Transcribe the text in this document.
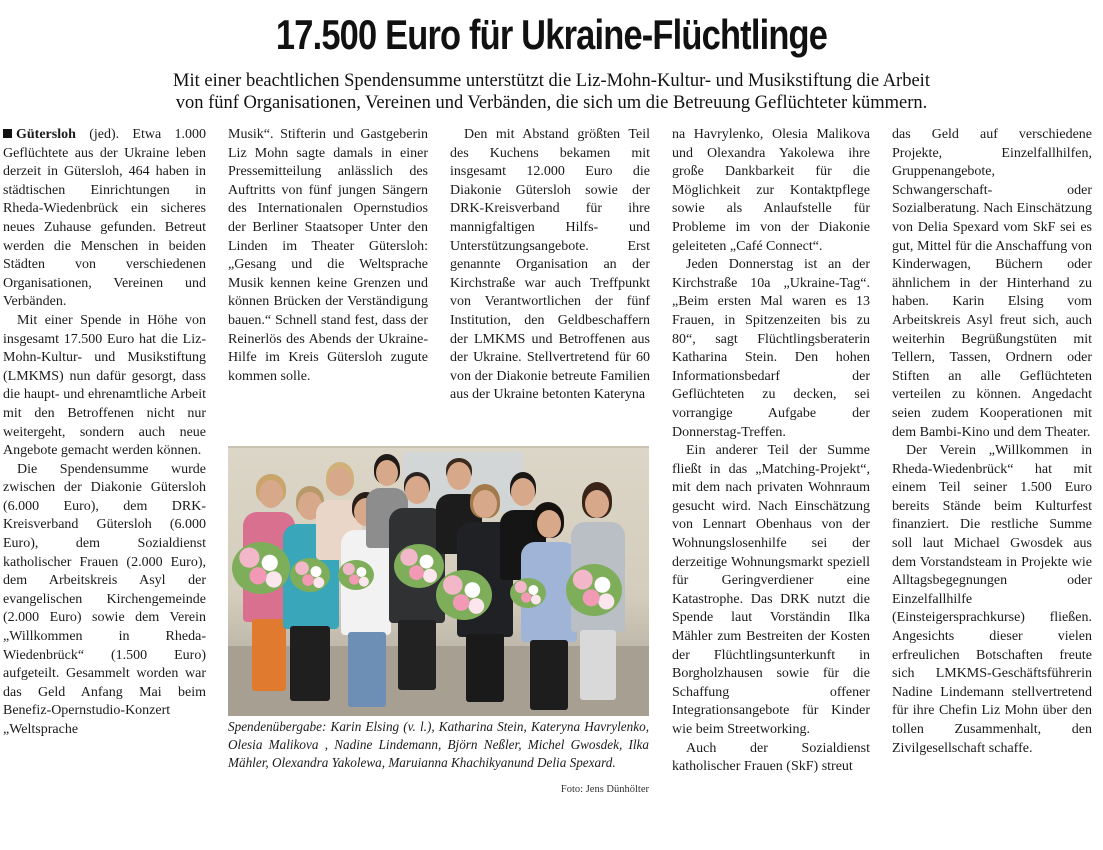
17.500 Euro für Ukraine-Flüchtlinge
Mit einer beachtlichen Spendensumme unterstützt die Liz-Mohn-Kultur- und Musikstiftung die Arbeit
von fünf Organisationen, Vereinen und Verbänden, die sich um die Betreuung Geflüchteter kümmern.

Gütersloh (jed). Etwa 1.000 Geflüchtete aus der Ukraine leben derzeit in Gütersloh, 464 haben in städtischen Einrichtungen in Rheda-Wiedenbrück ein sicheres neues Zuhause gefunden. Betreut werden die Menschen in beiden Städten von verschiedenen Organisationen, Vereinen und Verbänden.

Mit einer Spende in Höhe von insgesamt 17.500 Euro hat die Liz-Mohn-Kultur- und Musikstiftung (LMKMS) nun dafür gesorgt, dass die haupt- und ehrenamtliche Arbeit mit den Betroffenen nicht nur weitergeht, sondern auch neue Angebote gemacht werden können.

Die Spendensumme wurde zwischen der Diakonie Gütersloh (6.000 Euro), dem DRK-Kreisverband Gütersloh (6.000 Euro), dem Sozialdienst katholischer Frauen (2.000 Euro), dem Arbeitskreis Asyl der evangelischen Kirchengemeinde (2.000 Euro) sowie dem Verein „Willkommen in Rheda-Wiedenbrück“ (1.500 Euro) aufgeteilt. Gesammelt worden war das Geld Anfang Mai beim Benefiz-Opernstudio-Konzert „Weltsprache

Musik“. Stifterin und Gastgeberin Liz Mohn sagte damals in einer Pressemitteilung anlässlich des Auftritts von fünf jungen Sängern des Internationalen Opernstudios der Berliner Staatsoper Unter den Linden im Theater Gütersloh: „Gesang und die Weltsprache Musik kennen keine Grenzen und können Brücken der Verständigung bauen.“ Schnell stand fest, dass der Reinerlös des Abends der Ukraine-Hilfe im Kreis Gütersloh zugute kommen solle.

Den mit Abstand größten Teil des Kuchens bekamen mit insgesamt 12.000 Euro die Diakonie Gütersloh sowie der DRK-Kreisverband für ihre mannigfaltigen Hilfs- und Unterstützungsangebote. Erst genannte Organisation an der Kirchstraße war auch Treffpunkt von Verantwortlichen der fünf Institution, den Geldbeschaffern der LMKMS und Betroffenen aus der Ukraine. Stellvertretend für 60 von der Diakonie betreute Familien aus der Ukraine betonten Kateryna

Spendenübergabe: Karin Elsing (v. l.), Katharina Stein, Kateryna Havrylenko, Olesia Malikova , Nadine Lindemann, Björn Neßler, Michel Gwosdek, Ilka Mähler, Olexandra Yakolewa, Maruianna Khachikyanund Delia Spexard.
Foto: Jens Dünhölter

na Havrylenko, Olesia Malikova und Olexandra Yakolewa ihre große Dankbarkeit für die Möglichkeit zur Kontaktpflege sowie als Anlaufstelle für Probleme im von der Diakonie geleiteten „Café Connect“.

Jeden Donnerstag ist an der Kirchstraße 10a „Ukraine-Tag“. „Beim ersten Mal waren es 13 Frauen, in Spitzenzeiten bis zu 80“, sagt Flüchtlingsberaterin Katharina Stein. Den hohen Informationsbedarf der Geflüchteten zu decken, sei vorrangige Aufgabe der Donnerstag-Treffen.

Ein anderer Teil der Summe fließt in das „Matching-Projekt“, mit dem nach privaten Wohnraum gesucht wird. Nach Einschätzung von Lennart Obenhaus von der Wohnungslosenhilfe sei der derzeitige Wohnungsmarkt speziell für Geringverdiener eine Katastrophe. Das DRK nutzt die Spende laut Vorständin Ilka Mähler zum Bestreiten der Kosten der Flüchtlingsunterkunft in Borgholzhausen sowie für die Schaffung offener Integrationsangebote für Kinder wie beim Streetworking.

Auch der Sozialdienst katholischer Frauen (SkF) streut

das Geld auf verschiedene Projekte, Einzelfallhilfen, Gruppenangebote, Schwangerschaft- oder Sozialberatung. Nach Einschätzung von Delia Spexard vom SkF sei es gut, Mittel für die Anschaffung von Kinderwagen, Büchern oder ähnlichem in der Hinterhand zu haben. Karin Elsing vom Arbeitskreis Asyl freut sich, auch weiterhin Begrüßungstüten mit Tellern, Tassen, Ordnern oder Stiften an alle Geflüchteten verteilen zu können. Angedacht seien zudem Kooperationen mit dem Bambi-Kino und dem Theater.

Der Verein „Willkommen in Rheda-Wiedenbrück“ hat mit einem Teil seiner 1.500 Euro bereits Stände beim Kulturfest finanziert. Die restliche Summe soll laut Michael Gwosdek aus dem Vorstandsteam in Projekte wie Alltagsbegegnungen oder Einzelfallhilfe (Einsteigersprachkurse) fließen. Angesichts dieser vielen erfreulichen Botschaften freute sich LMKMS-Geschäftsführerin Nadine Lindemann stellvertretend für ihre Chefin Liz Mohn über den tollen Zusammenhalt, den Zivilgesellschaft schaffe.
